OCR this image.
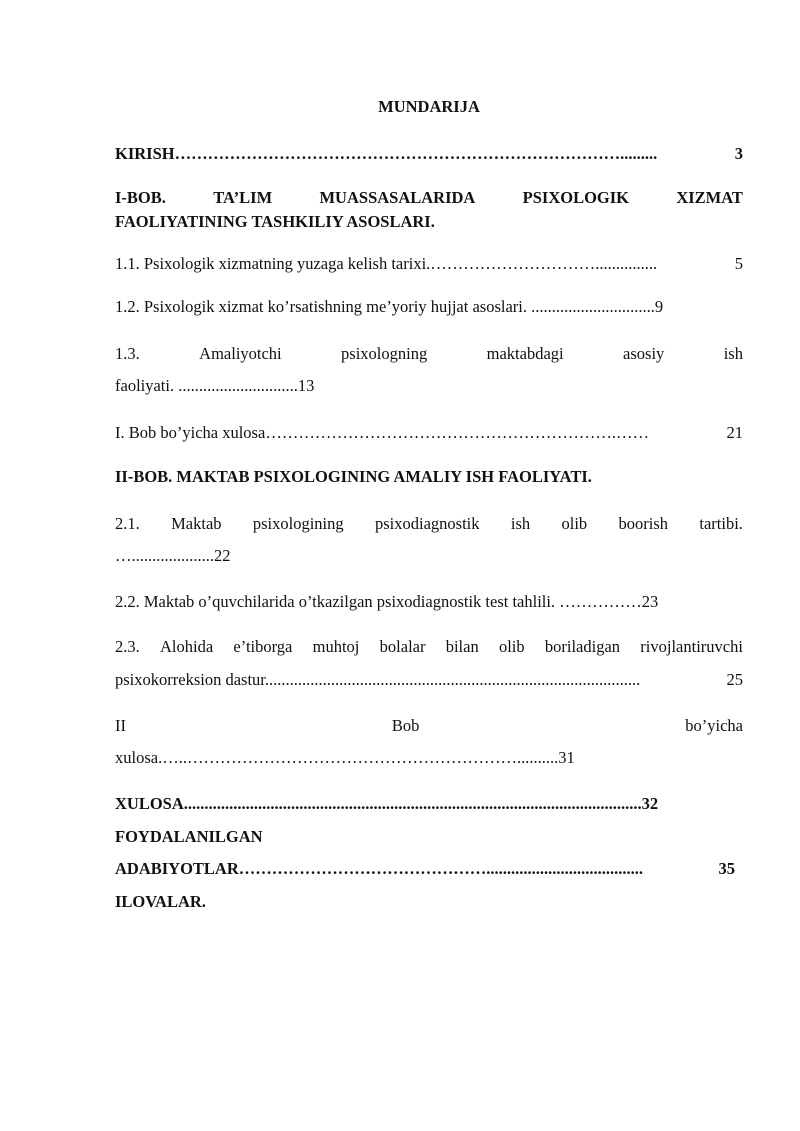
MUNDARIJA
KIRISH ……………………………………………………………………….........	3
I-BOB.	TA’LIM	MUASSASALARIDA	PSIXOLOGIK	XIZMAT
FAOLIYATINING TASHKILIY ASOSLARI.
1.1. Psixologik xizmatning yuzaga kelish tarixi. …………………………...............	5
1.2. Psixologik xizmat ko’rsatishning me’yoriy hujjat asoslari. ..............................9
1.3.	Amaliyotchi	psixologning	maktabdagi	asosiy	ish
faoliyati. .............................13
I. Bob bo’yicha xulosa ……………………………………………………….……	21
II-BOB. MAKTAB PSIXOLOGINING AMALIY ISH FAOLIYATI.
2.1. Maktab psixologining psixodiagnostik ish olib boorish tartibi.
…....................22
2.2. Maktab o’quvchilarida o’tkazilgan psixodiagnostik test tahlili. ……………23
2.3. Alohida e’tiborga muhtoj bolalar bilan olib boriladigan rivojlantiruvchi
psixokorreksion dastur. ..........................................................................................	25
II	Bob	bo’yicha
xulosa.…..……………………………………………………..........31
XULOSA...............................................................................................................32
FOYDALANILGAN
ADABIYOTLAR ………………………………………......................................	35
ILOVALAR.
